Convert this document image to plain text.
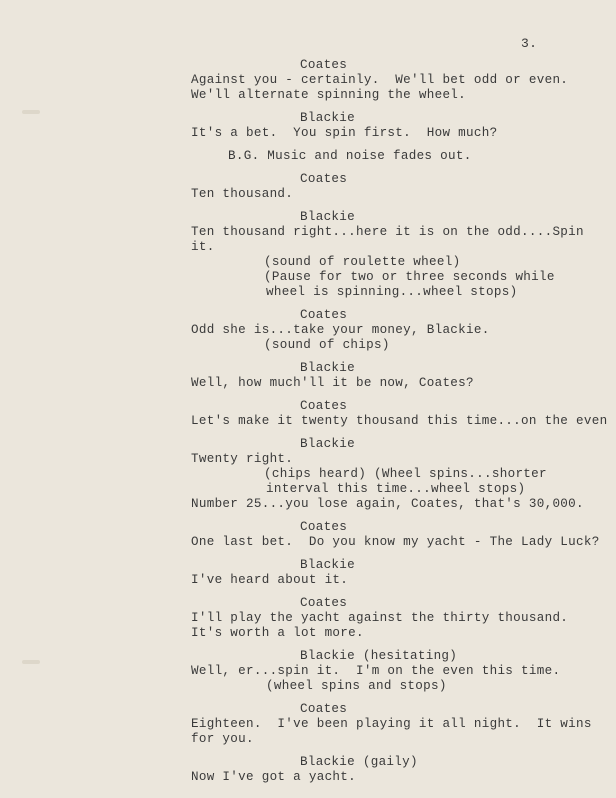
3.
Coates
Against you - certainly.  We'll bet odd or even.
We'll alternate spinning the wheel.
Blackie
It's a bet.  You spin first.  How much?
B.G. Music and noise fades out.
Coates
Ten thousand.
Blackie
Ten thousand right...here it is on the odd....Spin
it.
(sound of roulette wheel)
(Pause for two or three seconds while
wheel is spinning...wheel stops)
Coates
Odd she is...take your money, Blackie.
(sound of chips)
Blackie
Well, how much'll it be now, Coates?
Coates
Let's make it twenty thousand this time...on the even
Blackie
Twenty right.
(chips heard) (Wheel spins...shorter
interval this time...wheel stops)
Number 25...you lose again, Coates, that's 30,000.
Coates
One last bet.  Do you know my yacht - The Lady Luck?
Blackie
I've heard about it.
Coates
I'll play the yacht against the thirty thousand.
It's worth a lot more.
Blackie (hesitating)
Well, er...spin it.  I'm on the even this time.
(wheel spins and stops)
Coates
Eighteen.  I've been playing it all night.  It wins
for you.
Blackie (gaily)
Now I've got a yacht.
